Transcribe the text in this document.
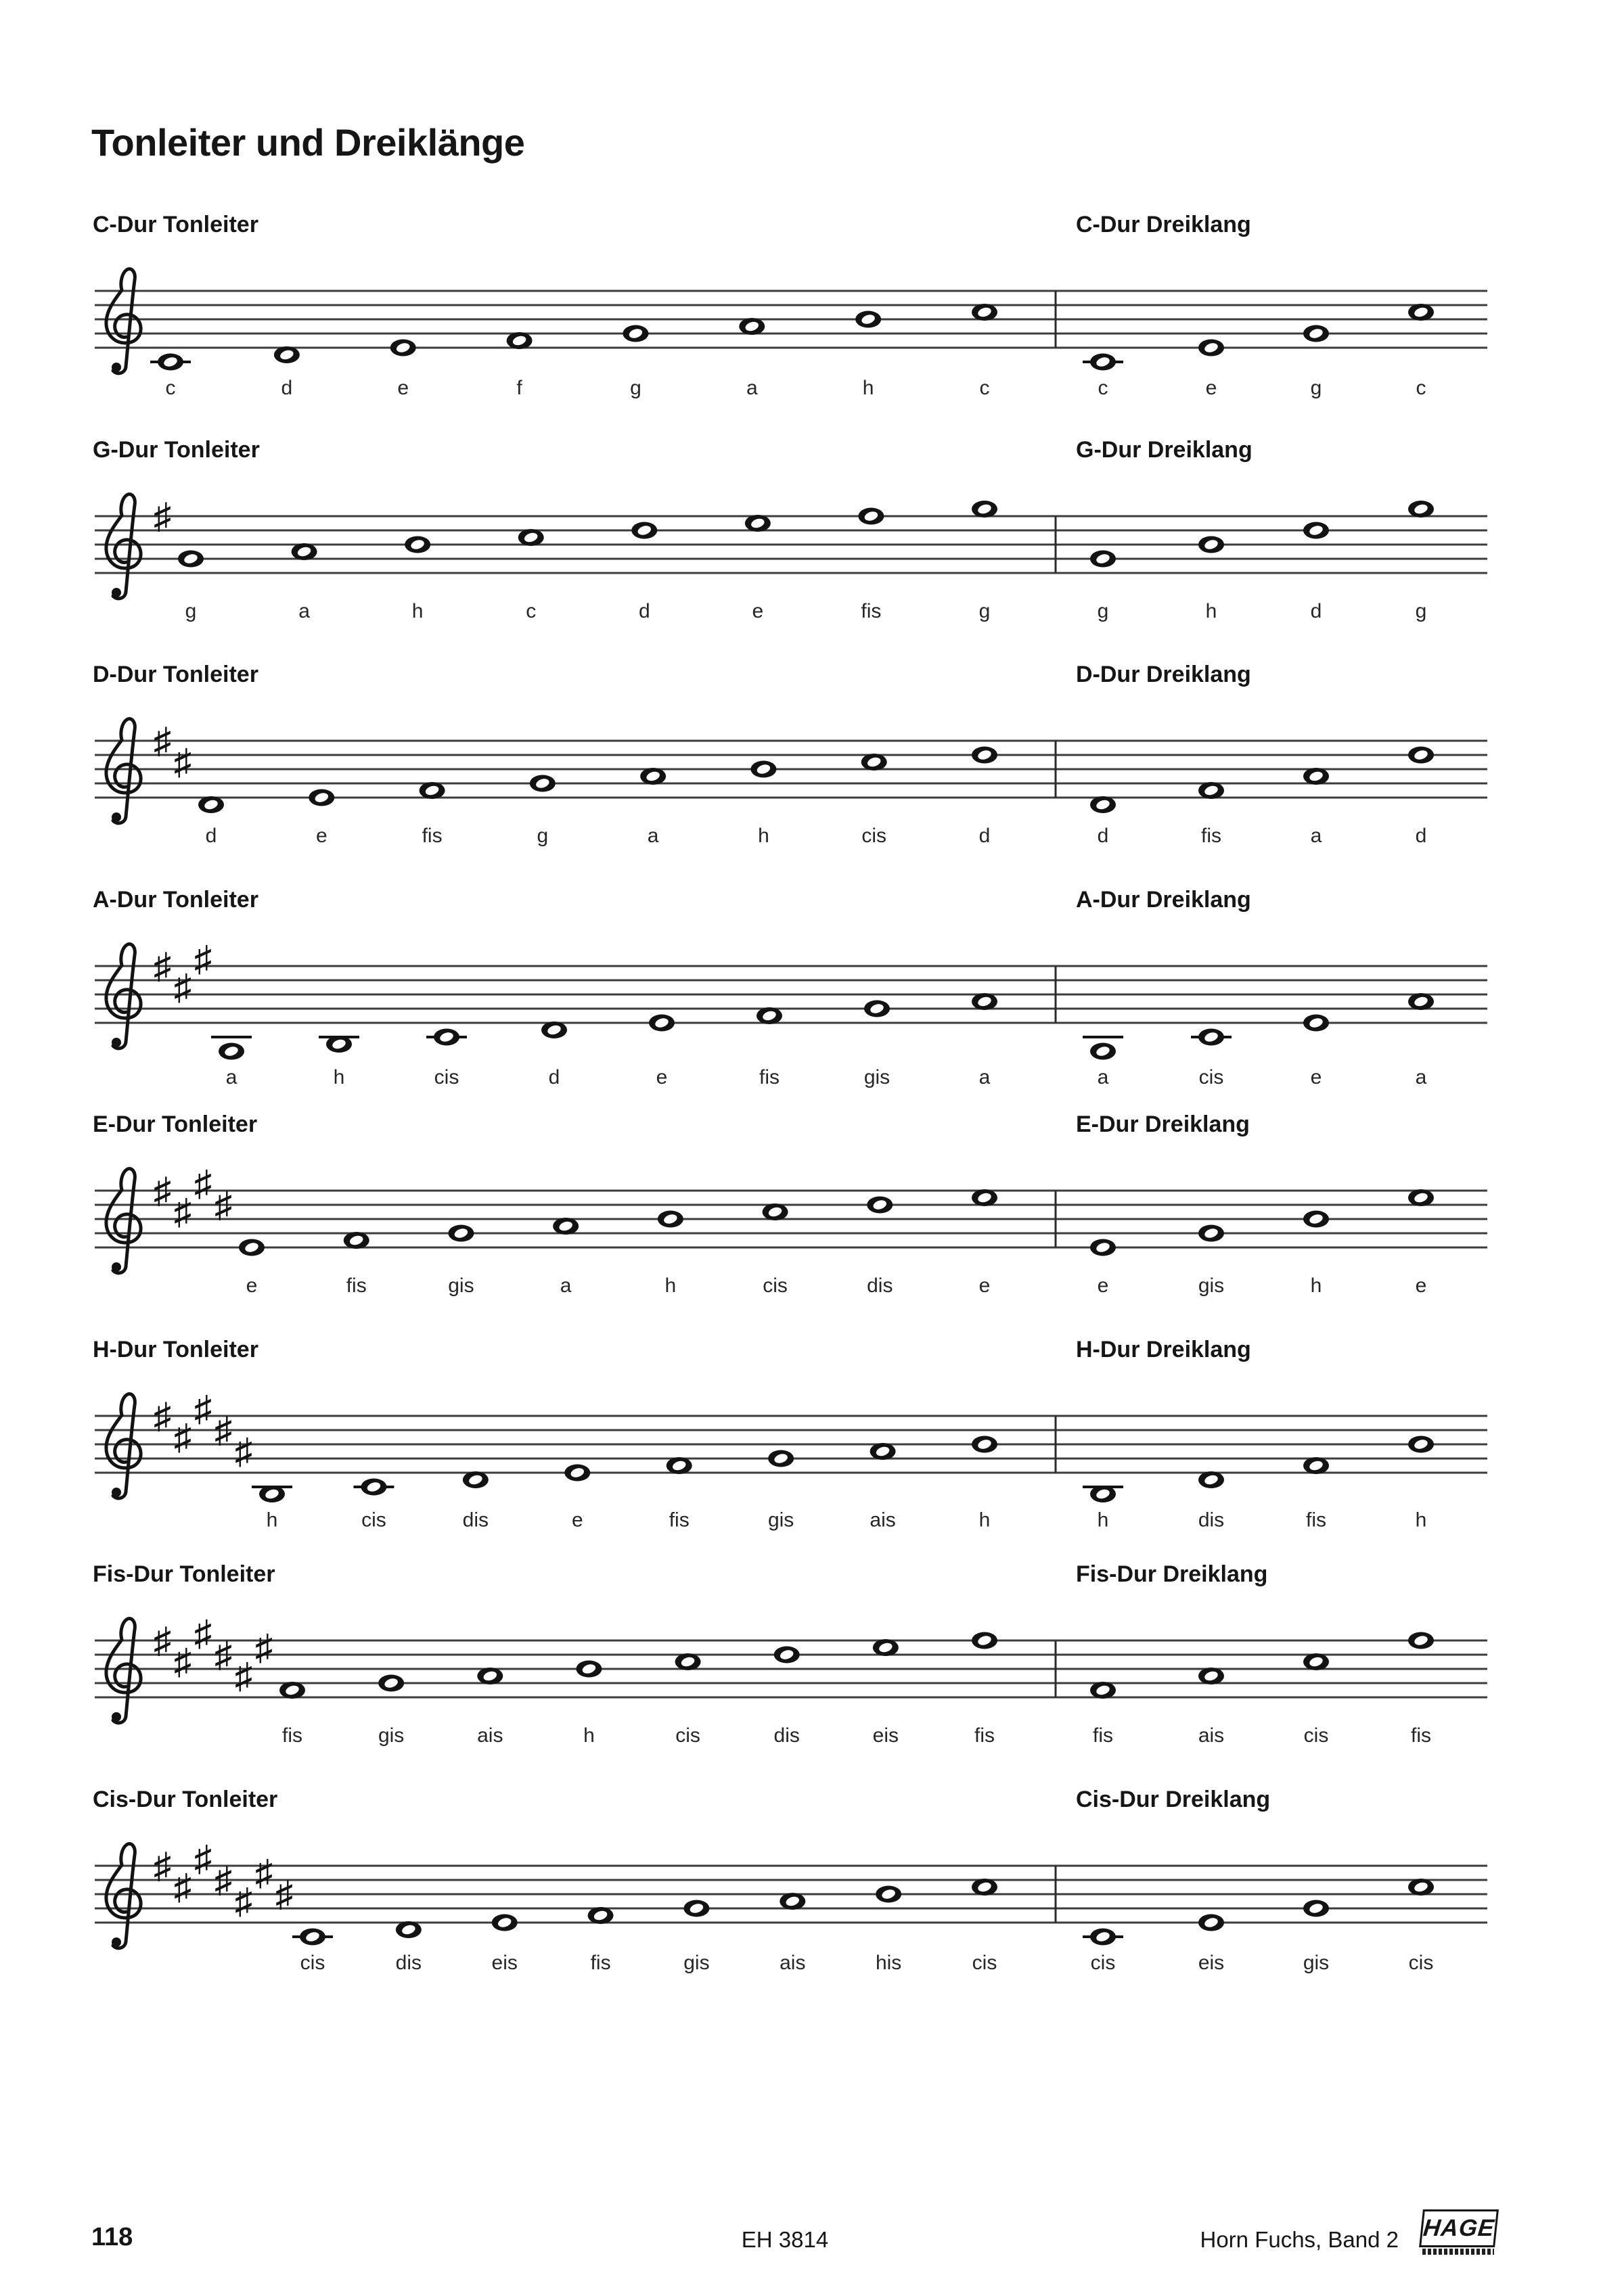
Tonleiter und Dreiklänge
C-Dur Tonleiter	C-Dur Dreiklang
c	d	e	f	g	a	h	c	c	e	g	c
G-Dur Tonleiter	G-Dur Dreiklang
♯
g	a	h	c	d	e	fis	g	g	h	d	g
D-Dur Tonleiter	D-Dur Dreiklang
♯
♯
d	e	fis	g	a	h	cis	d	d	fis	a	d
A-Dur Tonleiter	A-Dur Dreiklang
♯
♯
♯
a	h	cis	d	e	fis	gis	a	a	cis	e	a
E-Dur Tonleiter	E-Dur Dreiklang
♯
♯
♯
♯
e	fis	gis	a	h	cis	dis	e	e	gis	h	e
H-Dur Tonleiter	H-Dur Dreiklang
♯
♯
♯
♯
♯
h	cis	dis	e	fis	gis	ais	h	h	dis	fis	h
Fis-Dur Tonleiter	Fis-Dur Dreiklang
♯
♯
♯
♯
♯
♯
fis	gis	ais	h	cis	dis	eis	fis	fis	ais	cis	fis
Cis-Dur Tonleiter	Cis-Dur Dreiklang
♯
♯
♯
♯
♯
♯
♯
cis	dis	eis	fis	gis	ais	his	cis	cis	eis	gis	cis
118	EH 3814	Horn Fuchs, Band 2 HAGE
